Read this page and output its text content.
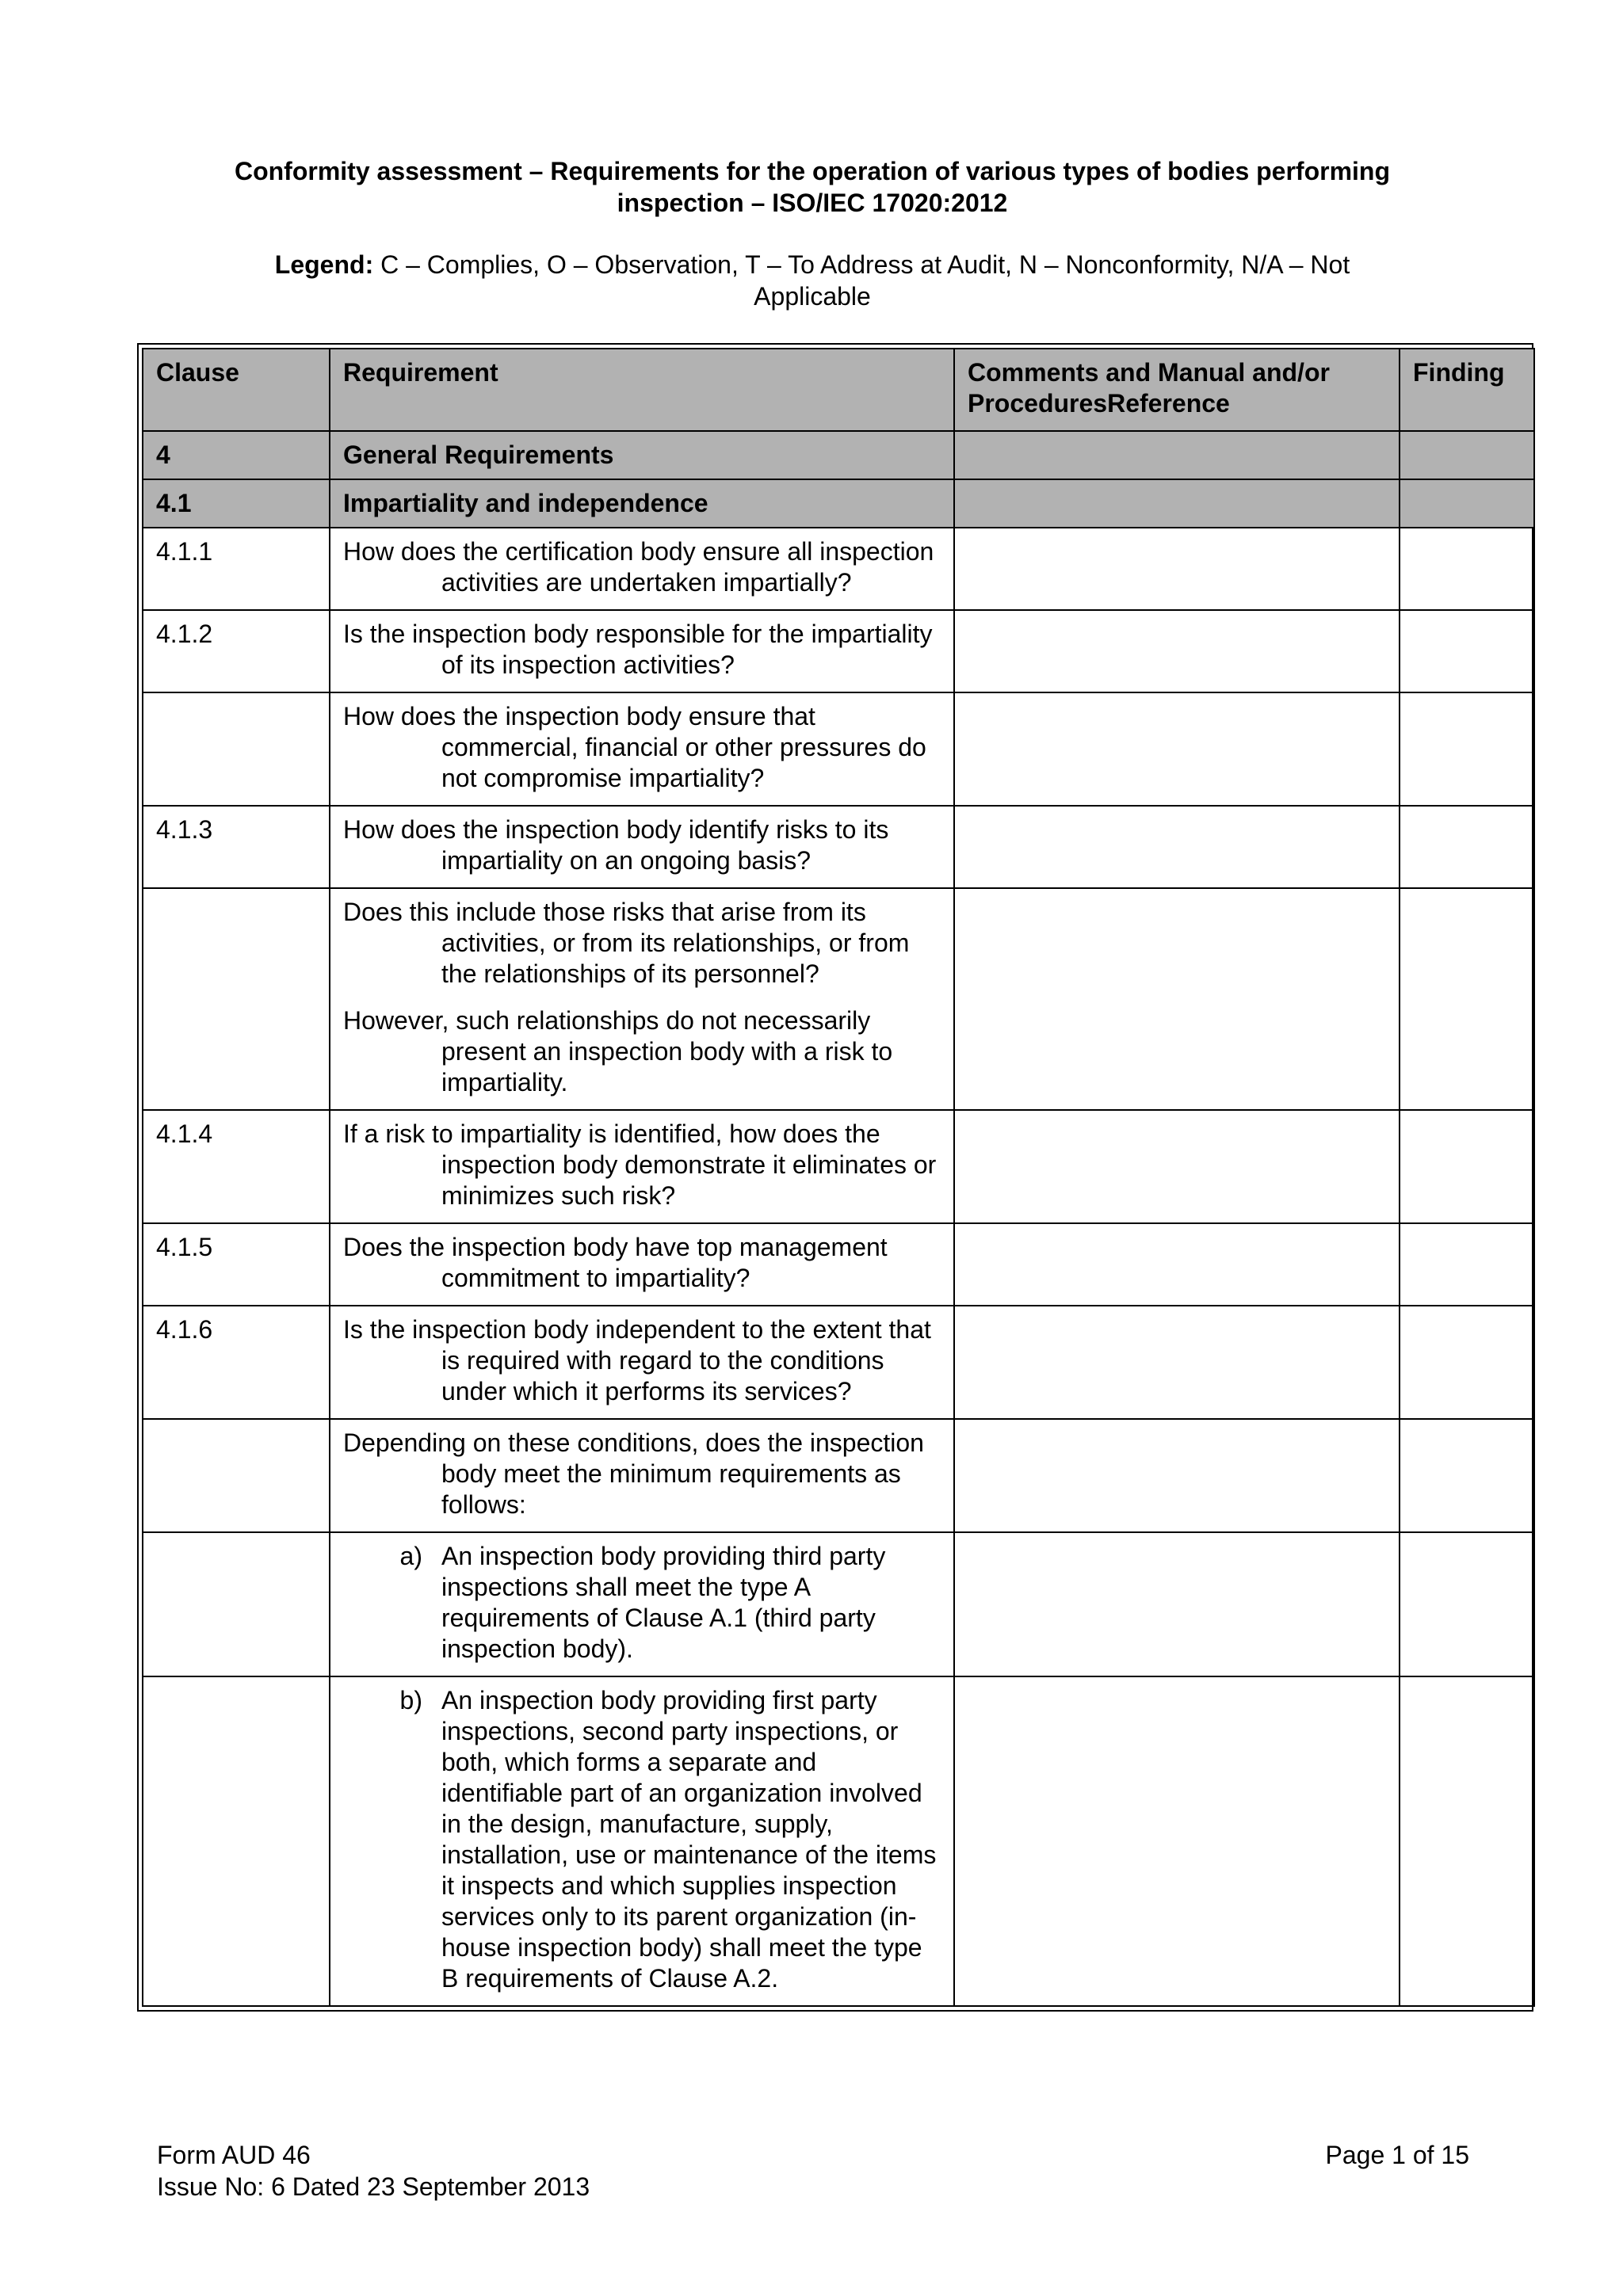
Conformity assessment – Requirements for the operation of various types of bodies performing
inspection – ISO/IEC 17020:2012
Legend: C – Complies, O – Observation, T – To Address at Audit, N – Nonconformity, N/A – Not
Applicable
Clause	Requirement	Comments and Manual and/or ProceduresReference	Finding
4	General Requirements		
4.1	Impartiality and independence		
4.1.1	How does the certification body ensure all inspection activities are undertaken impartially?		

4.1.2	Is the inspection body responsible for the impartiality of its inspection activities?		

	How does the inspection body ensure that commercial, financial or other pressures do not compromise impartiality?		

4.1.3	How does the inspection body identify risks to its impartiality on an ongoing basis?		

	Does this include those risks that arise from its activities, or from its relationships, or from the relationships of its personnel?
However, such relationships do not necessarily present an inspection body with a risk to impartiality.		

4.1.4	If a risk to impartiality is identified, how does the inspection body demonstrate it eliminates or minimizes such risk?		

4.1.5	Does the inspection body have top management commitment to impartiality?		

4.1.6	Is the inspection body independent to the extent that is required with regard to the conditions under which it performs its services?		

	Depending on these conditions, does the inspection body meet the minimum requirements as follows:		

	a) An inspection body providing third party inspections shall meet the type A requirements of Clause A.1 (third party inspection body).		

	b) An inspection body providing first party inspections, second party inspections, or both, which forms a separate and identifiable part of an organization involved in the design, manufacture, supply, installation, use or maintenance of the items it inspects and which supplies inspection services only to its parent organization (in-house inspection body) shall meet the type B requirements of Clause A.2.		

Form AUD 46
Issue No: 6 Dated 23 September 2013
Page 1 of 15
